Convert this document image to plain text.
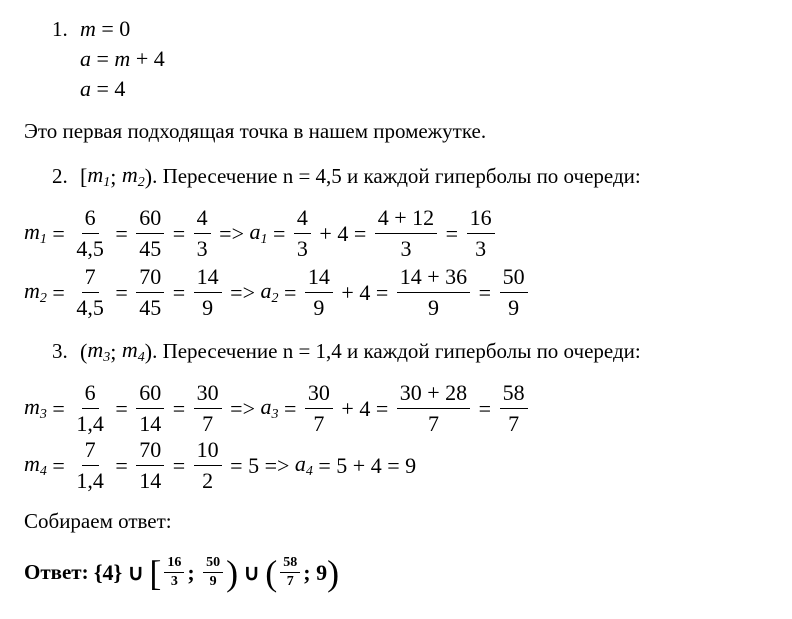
1. m = 0
a = m + 4
a = 4
Это первая подходящая точка в нашем промежутке.
2. [ $m_1$ ; $m_2$ ) . Пересечение n = 4,5 и каждой гиперболы по очереди:
$m_1 = \frac{6}{4,5} = \frac{60}{45} = \frac{4}{3} => a_1 = \frac{4}{3} + 4 = \frac{4 + 12}{3} = \frac{16}{3}$
$m_2 = \frac{7}{4,5} = \frac{70}{45} = \frac{14}{9} => a_2 = \frac{14}{9} + 4 = \frac{14 + 36}{9} = \frac{50}{9}$
3. ( $m_3$ ; $m_4$ ) . Пересечение n = 1,4 и каждой гиперболы по очереди:
$m_3 = \frac{6}{1,4} = \frac{60}{14} = \frac{30}{7} => a_3 = \frac{30}{7} + 4 = \frac{30 + 28}{7} = \frac{58}{7}$
$m_4 = \frac{7}{1,4} = \frac{70}{14} = \frac{10}{2} = 5 => a_4 = 5 + 4 = 9$
Собираем ответ:
Ответ: {4} ∪ [ $\frac{16}{3}$ ; $\frac{50}{9}$ ) ∪ ( $\frac{58}{7}$ ; 9 )
